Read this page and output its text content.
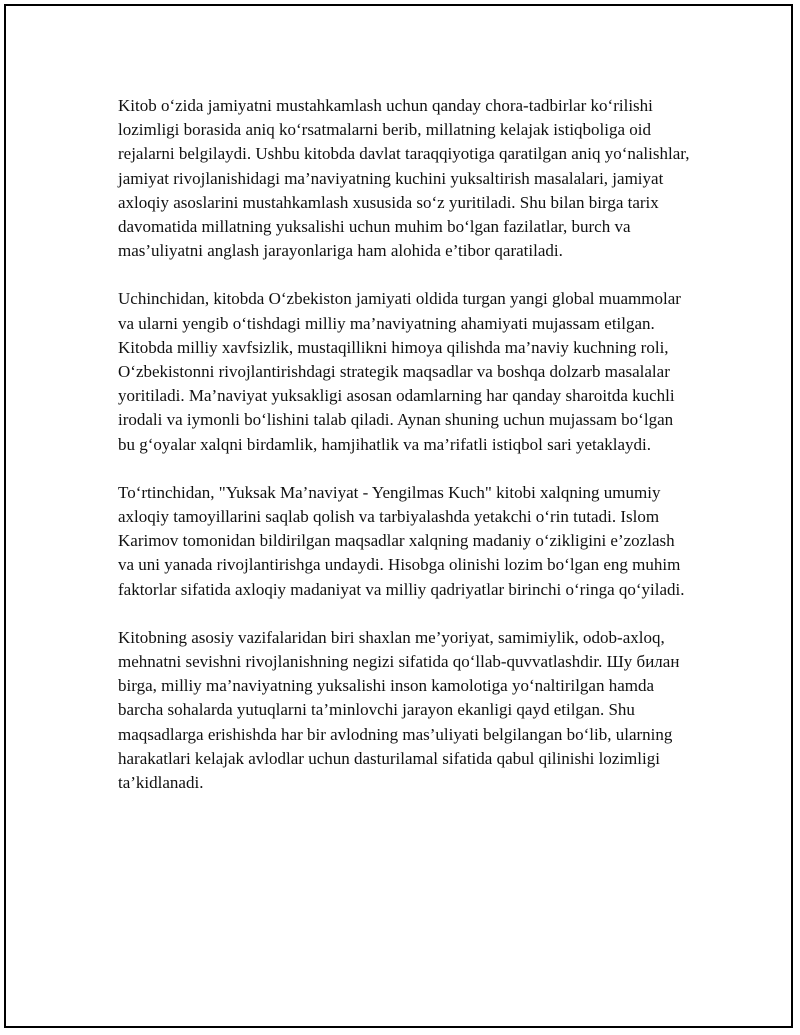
Kitob o‘zida jamiyatni mustahkamlash uchun qanday chora-tadbirlar ko‘rilishi lozimligi borasida aniq ko‘rsatmalarni berib, millatning kelajak istiqboliga oid rejalarni belgilaydi. Ushbu kitobda davlat taraqqiyotiga qaratilgan aniq yo‘nalishlar, jamiyat rivojlanishidagi ma’naviyatning kuchini yuksaltirish masalalari, jamiyat axloqiy asoslarini mustahkamlash xususida so‘z yuritiladi. Shu bilan birga tarix davomatida millatning yuksalishi uchun muhim bo‘lgan fazilatlar, burch va mas’uliyatni anglash jarayonlariga ham alohida e’tibor qaratiladi.

Uchinchidan, kitobda O‘zbekiston jamiyati oldida turgan yangi global muammolar va ularni yengib o‘tishdagi milliy ma’naviyatning ahamiyati mujassam etilgan. Kitobda milliy xavfsizlik, mustaqillikni himoya qilishda ma’naviy kuchning roli, O‘zbekistonni rivojlantirishdagi strategik maqsadlar va boshqa dolzarb masalalar yoritiladi. Ma’naviyat yuksakligi asosan odamlarning har qanday sharoitda kuchli irodali va iymonli bo‘lishini talab qiladi. Aynan shuning uchun mujassam bo‘lgan bu g‘oyalar xalqni birdamlik, hamjihatlik va ma’rifatli istiqbol sari yetaklaydi.

To‘rtinchidan, "Yuksak Ma’naviyat - Yengilmas Kuch" kitobi xalqning umumiy axloqiy tamoyillarini saqlab qolish va tarbiyalashda yetakchi o‘rin tutadi. Islom Karimov tomonidan bildirilgan maqsadlar xalqning madaniy o‘zikligini e’zozlash va uni yanada rivojlantirishga undaydi. Hisobga olinishi lozim bo‘lgan eng muhim faktorlar sifatida axloqiy madaniyat va milliy qadriyatlar birinchi o‘ringa qo‘yiladi.

Kitobning asosiy vazifalaridan biri shaxlan me’yoriyat, samimiylik, odob-axloq, mehnatni sevishni rivojlanishning negizi sifatida qo‘llab-quvvatlashdir. Шу билан birga, milliy ma’naviyatning yuksalishi inson kamolotiga yo‘naltirilgan hamda barcha sohalarda yutuqlarni ta’minlovchi jarayon ekanligi qayd etilgan. Shu maqsadlarga erishishda har bir avlodning mas’uliyati belgilangan bo‘lib, ularning harakatlari kelajak avlodlar uchun dasturilamal sifatida qabul qilinishi lozimligi ta’kidlanadi.
